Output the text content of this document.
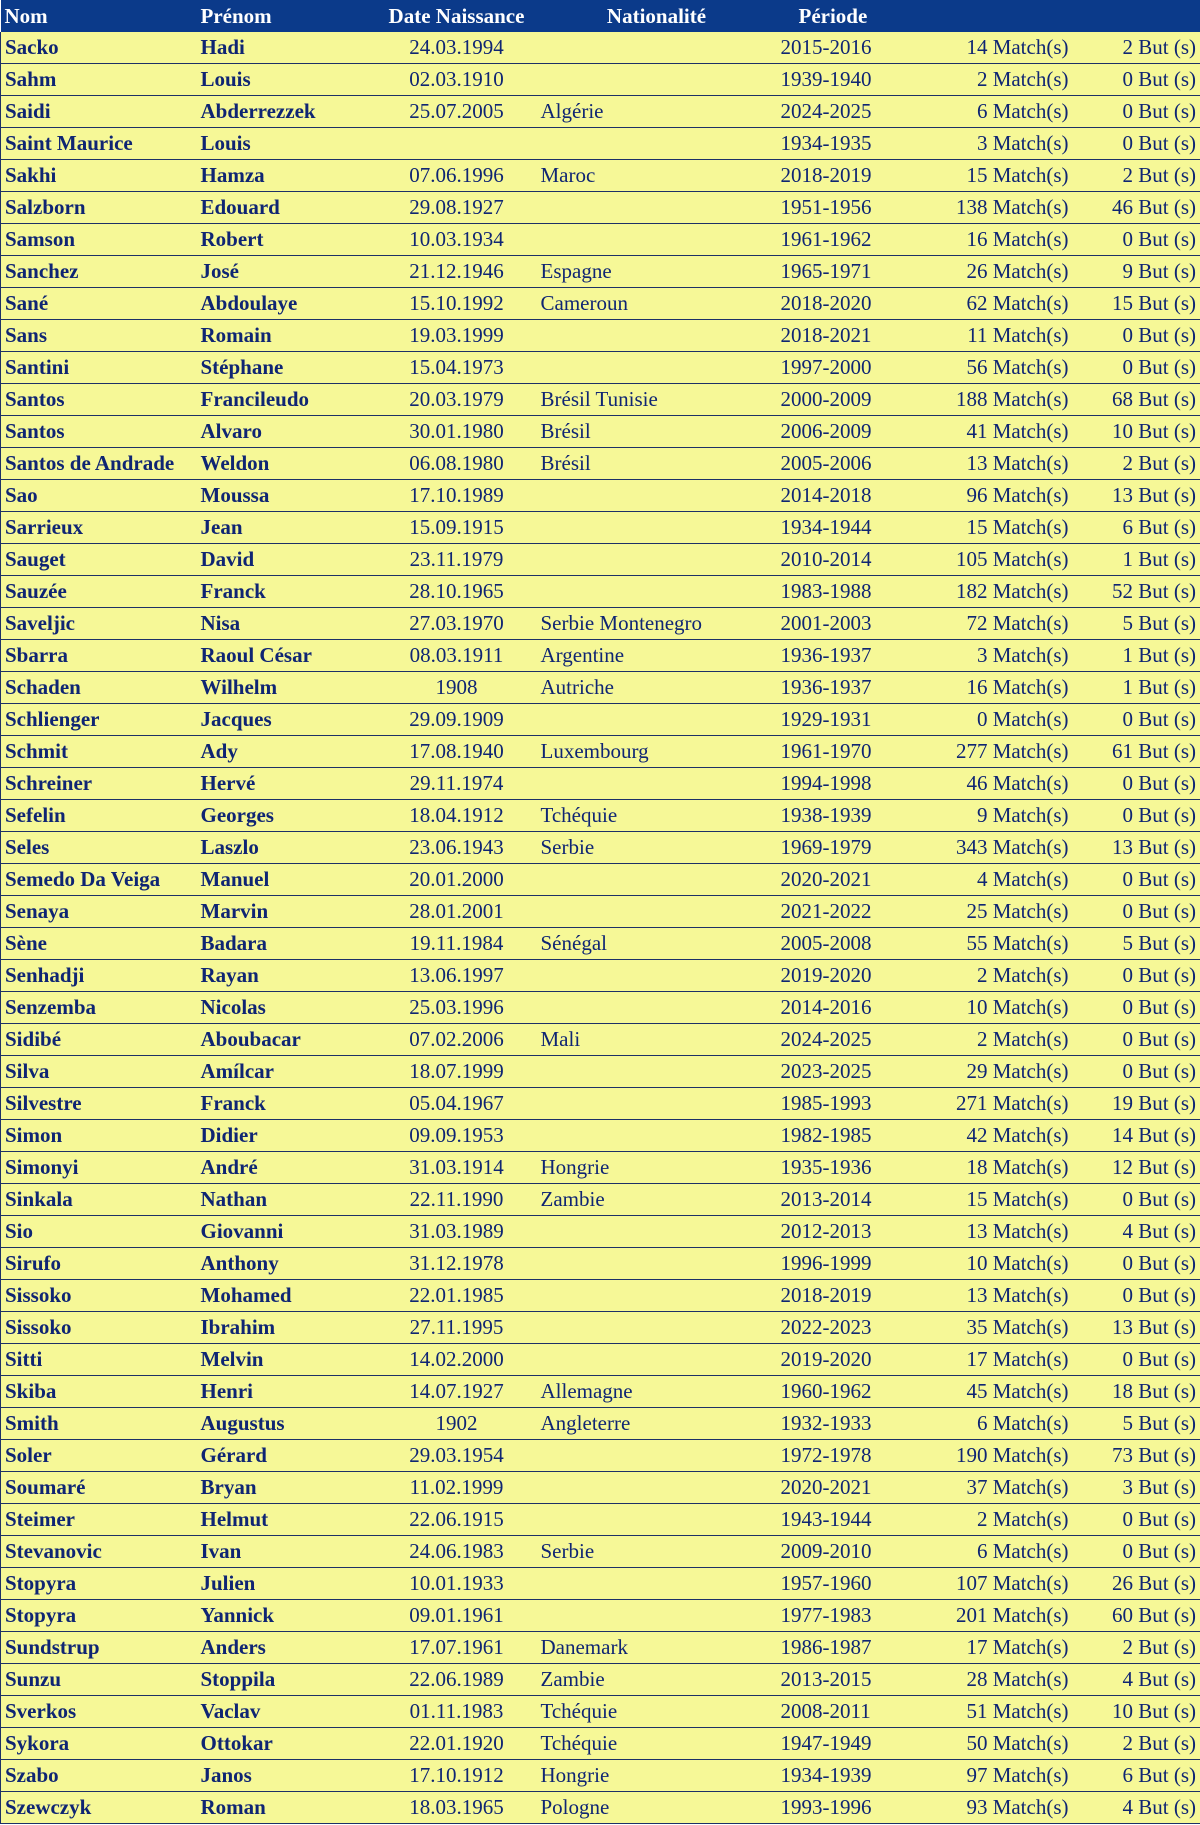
Nom	Prénom	Date Naissance	Nationalité	Période		
Sacko	Hadi	24.03.1994		2015-2016	14 Match(s)	2 But (s)
Sahm	Louis	02.03.1910		1939-1940	2 Match(s)	0 But (s)
Saidi	Abderrezzek	25.07.2005	Algérie	2024-2025	6 Match(s)	0 But (s)
Saint Maurice	Louis			1934-1935	3 Match(s)	0 But (s)
Sakhi	Hamza	07.06.1996	Maroc	2018-2019	15 Match(s)	2 But (s)
Salzborn	Edouard	29.08.1927		1951-1956	138 Match(s)	46 But (s)
Samson	Robert	10.03.1934		1961-1962	16 Match(s)	0 But (s)
Sanchez	José	21.12.1946	Espagne	1965-1971	26 Match(s)	9 But (s)
Sané	Abdoulaye	15.10.1992	Cameroun	2018-2020	62 Match(s)	15 But (s)
Sans	Romain	19.03.1999		2018-2021	11 Match(s)	0 But (s)
Santini	Stéphane	15.04.1973		1997-2000	56 Match(s)	0 But (s)
Santos	Francileudo	20.03.1979	Brésil Tunisie	2000-2009	188 Match(s)	68 But (s)
Santos	Alvaro	30.01.1980	Brésil	2006-2009	41 Match(s)	10 But (s)
Santos de Andrade	Weldon	06.08.1980	Brésil	2005-2006	13 Match(s)	2 But (s)
Sao	Moussa	17.10.1989		2014-2018	96 Match(s)	13 But (s)
Sarrieux	Jean	15.09.1915		1934-1944	15 Match(s)	6 But (s)
Sauget	David	23.11.1979		2010-2014	105 Match(s)	1 But (s)
Sauzée	Franck	28.10.1965		1983-1988	182 Match(s)	52 But (s)
Saveljic	Nisa	27.03.1970	Serbie Montenegro	2001-2003	72 Match(s)	5 But (s)
Sbarra	Raoul César	08.03.1911	Argentine	1936-1937	3 Match(s)	1 But (s)
Schaden	Wilhelm	1908	Autriche	1936-1937	16 Match(s)	1 But (s)
Schlienger	Jacques	29.09.1909		1929-1931	0 Match(s)	0 But (s)
Schmit	Ady	17.08.1940	Luxembourg	1961-1970	277 Match(s)	61 But (s)
Schreiner	Hervé	29.11.1974		1994-1998	46 Match(s)	0 But (s)
Sefelin	Georges	18.04.1912	Tchéquie	1938-1939	9 Match(s)	0 But (s)
Seles	Laszlo	23.06.1943	Serbie	1969-1979	343 Match(s)	13 But (s)
Semedo Da Veiga	Manuel	20.01.2000		2020-2021	4 Match(s)	0 But (s)
Senaya	Marvin	28.01.2001		2021-2022	25 Match(s)	0 But (s)
Sène	Badara	19.11.1984	Sénégal	2005-2008	55 Match(s)	5 But (s)
Senhadji	Rayan	13.06.1997		2019-2020	2 Match(s)	0 But (s)
Senzemba	Nicolas	25.03.1996		2014-2016	10 Match(s)	0 But (s)
Sidibé	Aboubacar	07.02.2006	Mali	2024-2025	2 Match(s)	0 But (s)
Silva	Amílcar	18.07.1999		2023-2025	29 Match(s)	0 But (s)
Silvestre	Franck	05.04.1967		1985-1993	271 Match(s)	19 But (s)
Simon	Didier	09.09.1953		1982-1985	42 Match(s)	14 But (s)
Simonyi	André	31.03.1914	Hongrie	1935-1936	18 Match(s)	12 But (s)
Sinkala	Nathan	22.11.1990	Zambie	2013-2014	15 Match(s)	0 But (s)
Sio	Giovanni	31.03.1989		2012-2013	13 Match(s)	4 But (s)
Sirufo	Anthony	31.12.1978		1996-1999	10 Match(s)	0 But (s)
Sissoko	Mohamed	22.01.1985		2018-2019	13 Match(s)	0 But (s)
Sissoko	Ibrahim	27.11.1995		2022-2023	35 Match(s)	13 But (s)
Sitti	Melvin	14.02.2000		2019-2020	17 Match(s)	0 But (s)
Skiba	Henri	14.07.1927	Allemagne	1960-1962	45 Match(s)	18 But (s)
Smith	Augustus	1902	Angleterre	1932-1933	6 Match(s)	5 But (s)
Soler	Gérard	29.03.1954		1972-1978	190 Match(s)	73 But (s)
Soumaré	Bryan	11.02.1999		2020-2021	37 Match(s)	3 But (s)
Steimer	Helmut	22.06.1915		1943-1944	2 Match(s)	0 But (s)
Stevanovic	Ivan	24.06.1983	Serbie	2009-2010	6 Match(s)	0 But (s)
Stopyra	Julien	10.01.1933		1957-1960	107 Match(s)	26 But (s)
Stopyra	Yannick	09.01.1961		1977-1983	201 Match(s)	60 But (s)
Sundstrup	Anders	17.07.1961	Danemark	1986-1987	17 Match(s)	2 But (s)
Sunzu	Stoppila	22.06.1989	Zambie	2013-2015	28 Match(s)	4 But (s)
Sverkos	Vaclav	01.11.1983	Tchéquie	2008-2011	51 Match(s)	10 But (s)
Sykora	Ottokar	22.01.1920	Tchéquie	1947-1949	50 Match(s)	2 But (s)
Szabo	Janos	17.10.1912	Hongrie	1934-1939	97 Match(s)	6 But (s)
Szewczyk	Roman	18.03.1965	Pologne	1993-1996	93 Match(s)	4 But (s)
